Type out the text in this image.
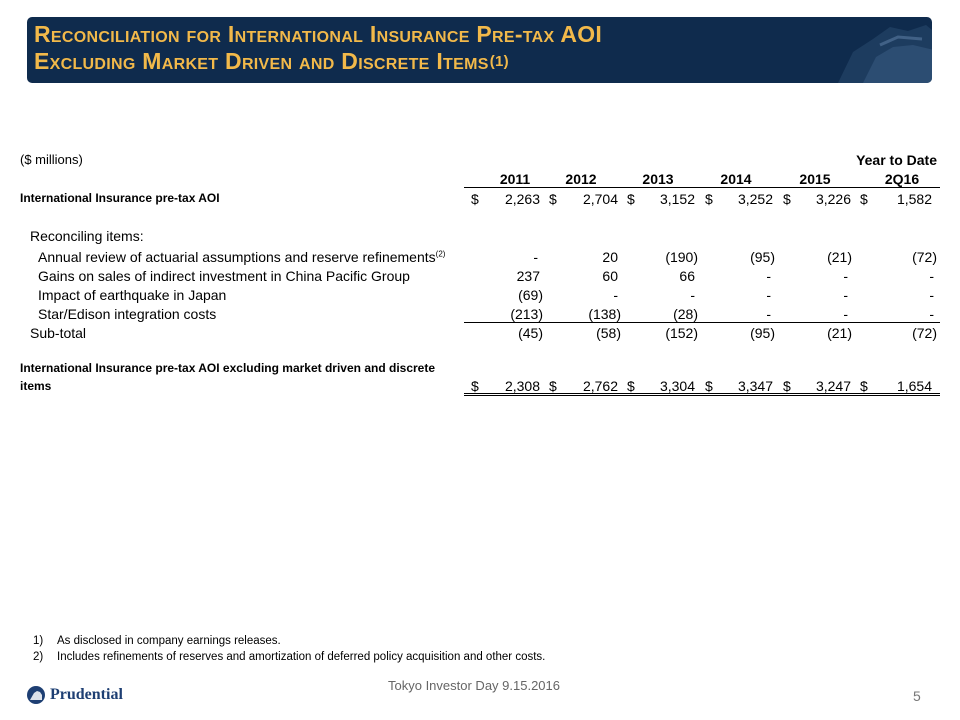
Reconciliation for International Insurance Pre-tax AOI
Excluding Market Driven and Discrete Items$^{(1)}$
($ millions)	Year to Date
2011	2012	2013	2014	2015	2Q16
International Insurance pre-tax AOI	$ 2,263 $ 2,704 $ 3,152 $ 3,252 $ 3,226 $ 1,582
Reconciling items:
Annual review of actuarial assumptions and reserve refinements$^{(2)}$	-	20	(190)	(95)	(21)	(72)
Gains on sales of indirect investment in China Pacific Group	237	60	66	-	-	-
Impact of earthquake in Japan	(69)	-	-	-	-	-
Star/Edison integration costs	(213)	(138)	(28)	-	-	-
Sub-total	(45)	(58)	(152)	(95)	(21)	(72)
International Insurance pre-tax AOI excluding market driven and discrete
items	$ 2,308 $ 2,762 $ 3,304 $ 3,347 $ 3,247 $ 1,654
1)	As disclosed in company earnings releases.
2)	Includes refinements of reserves and amortization of deferred policy acquisition and other costs.
Prudential
Tokyo Investor Day 9.15.2016
5
